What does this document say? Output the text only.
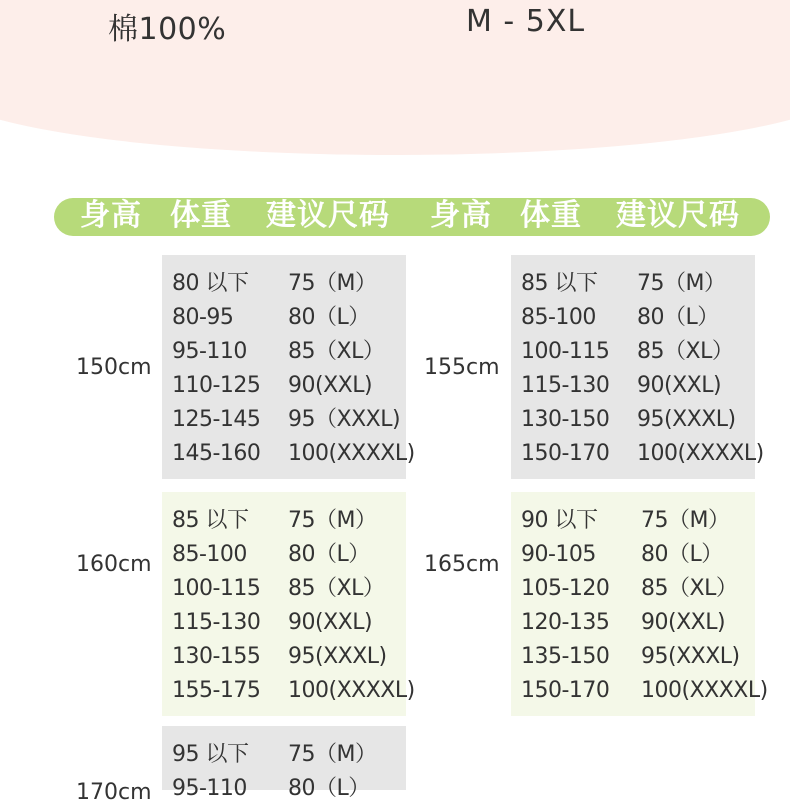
棉100%	M - 5XL
身高 体重 建议尺码 身高 体重 建议尺码
150cm
80 以下 75（M）
80-95 80（L）
95-110 85（XL）
110-125 90(XXL)
125-145 95（XXXL)
145-160 100(XXXXL)
155cm
85 以下 75（M）
85-100 80（L）
100-115 85（XL）
115-130 90(XXL)
130-150 95(XXXL)
150-170 100(XXXXL)
160cm
85 以下 75（M）
85-100 80（L）
100-115 85（XL）
115-130 90(XXL)
130-155 95(XXXL)
155-175 100(XXXXL)
165cm
90 以下 75（M）
90-105 80（L）
105-120 85（XL）
120-135 90(XXL)
135-150 95(XXXL)
150-170 100(XXXXL)
170cm
95 以下 75（M）
95-110 80（L）
